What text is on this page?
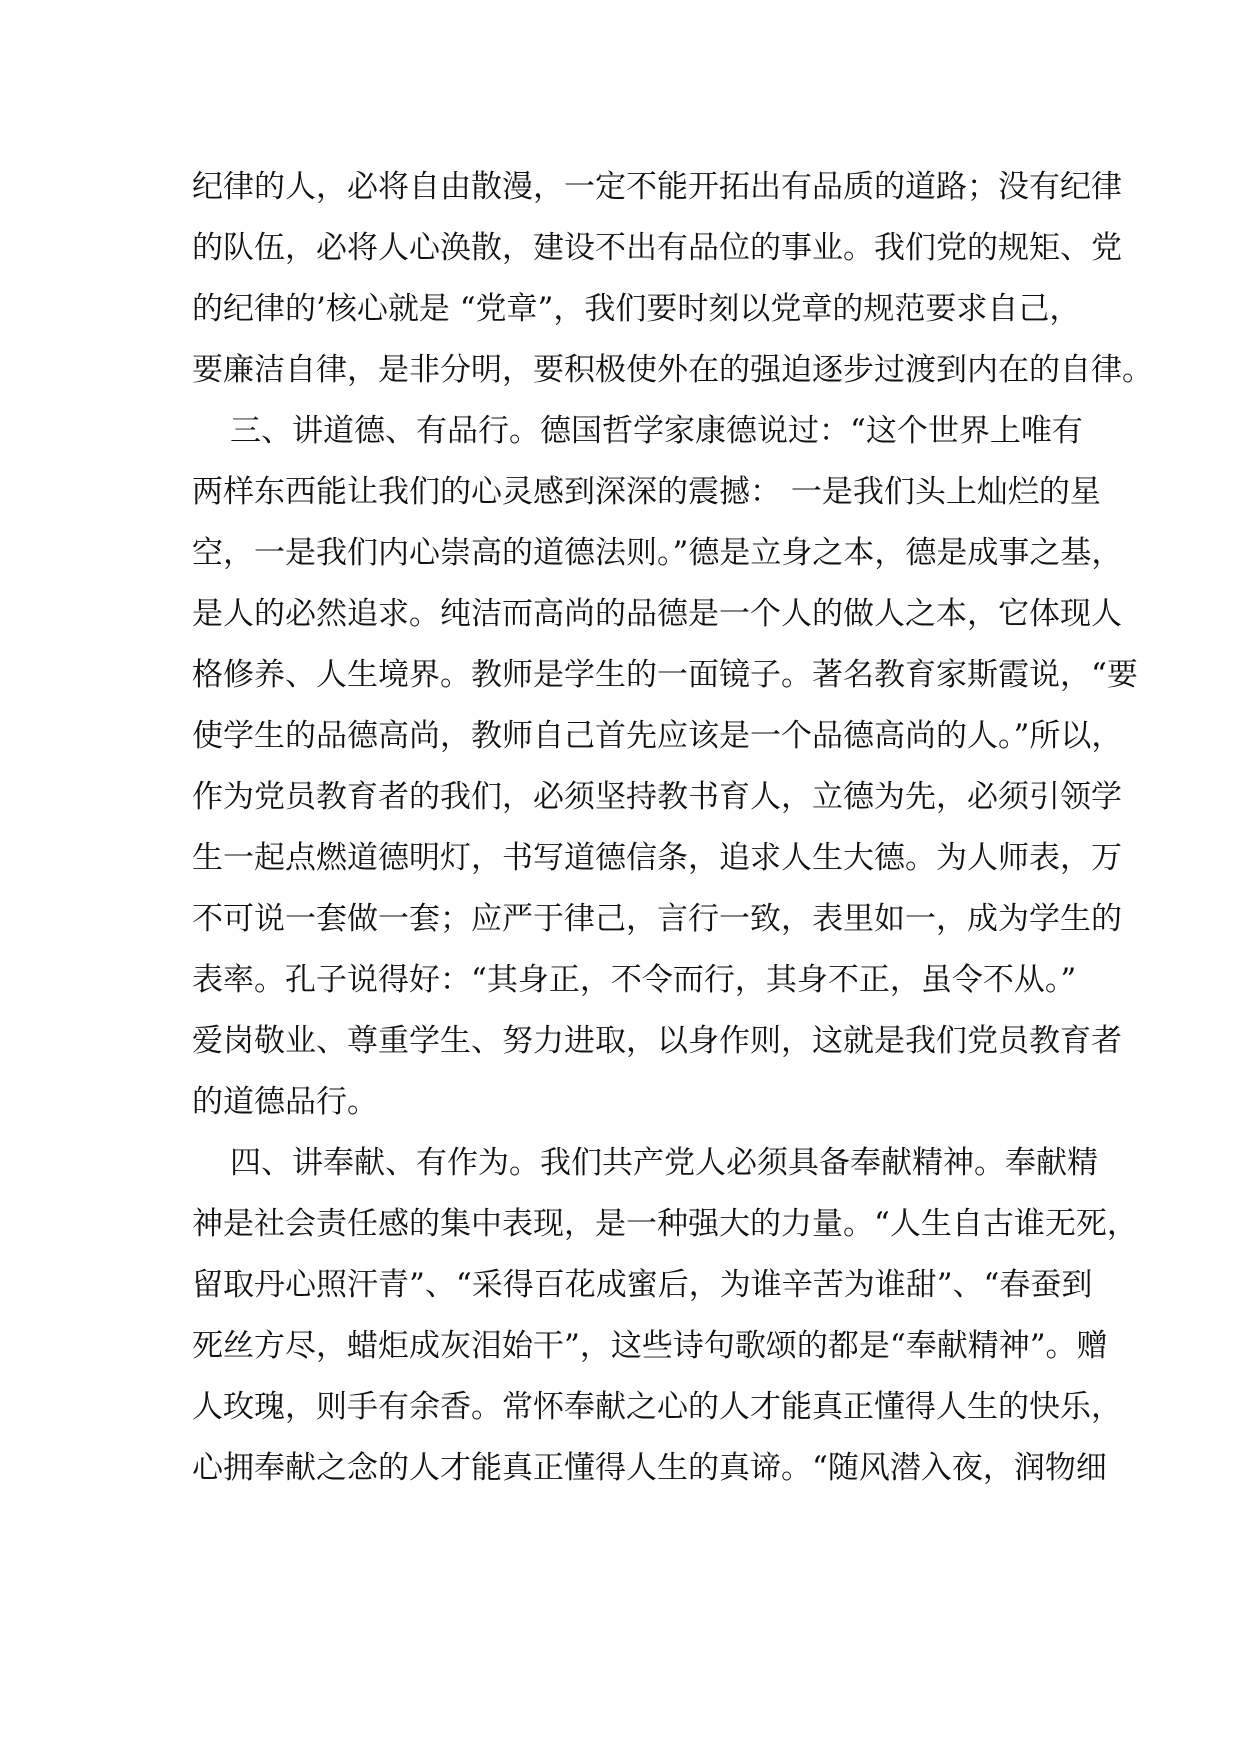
纪律的人，必将自由散漫，一定不能开拓出有品质的道路；没有纪律
的队伍，必将人心涣散，建设不出有品位的事业。我们党的规矩、党
的纪律的’核心就是 “党章”，我们要时刻以党章的规范要求自己，
要廉洁自律，是非分明，要积极使外在的强迫逐步过渡到内在的自律。
三、讲道德、有品行。德国哲学家康德说过：“这个世界上唯有
两样东西能让我们的心灵感到深深的震撼： 一是我们头上灿烂的星
空，一是我们内心崇高的道德法则。”德是立身之本，德是成事之基，
是人的必然追求。纯洁而高尚的品德是一个人的做人之本，它体现人
格修养、人生境界。教师是学生的一面镜子。著名教育家斯霞说，“要
使学生的品德高尚，教师自己首先应该是一个品德高尚的人。”所以，
作为党员教育者的我们，必须坚持教书育人，立德为先，必须引领学
生一起点燃道德明灯，书写道德信条，追求人生大德。为人师表，万
不可说一套做一套；应严于律己，言行一致，表里如一，成为学生的
表率。孔子说得好：“其身正，不令而行，其身不正，虽令不从。”
爱岗敬业、尊重学生、努力进取，以身作则，这就是我们党员教育者
的道德品行。
四、讲奉献、有作为。我们共产党人必须具备奉献精神。奉献精
神是社会责任感的集中表现，是一种强大的力量。“人生自古谁无死，
留取丹心照汗青”、“采得百花成蜜后，为谁辛苦为谁甜”、“春蚕到
死丝方尽，蜡炬成灰泪始干”，这些诗句歌颂的都是“奉献精神”。赠
人玫瑰，则手有余香。常怀奉献之心的人才能真正懂得人生的快乐，
心拥奉献之念的人才能真正懂得人生的真谛。“随风潜入夜，润物细
